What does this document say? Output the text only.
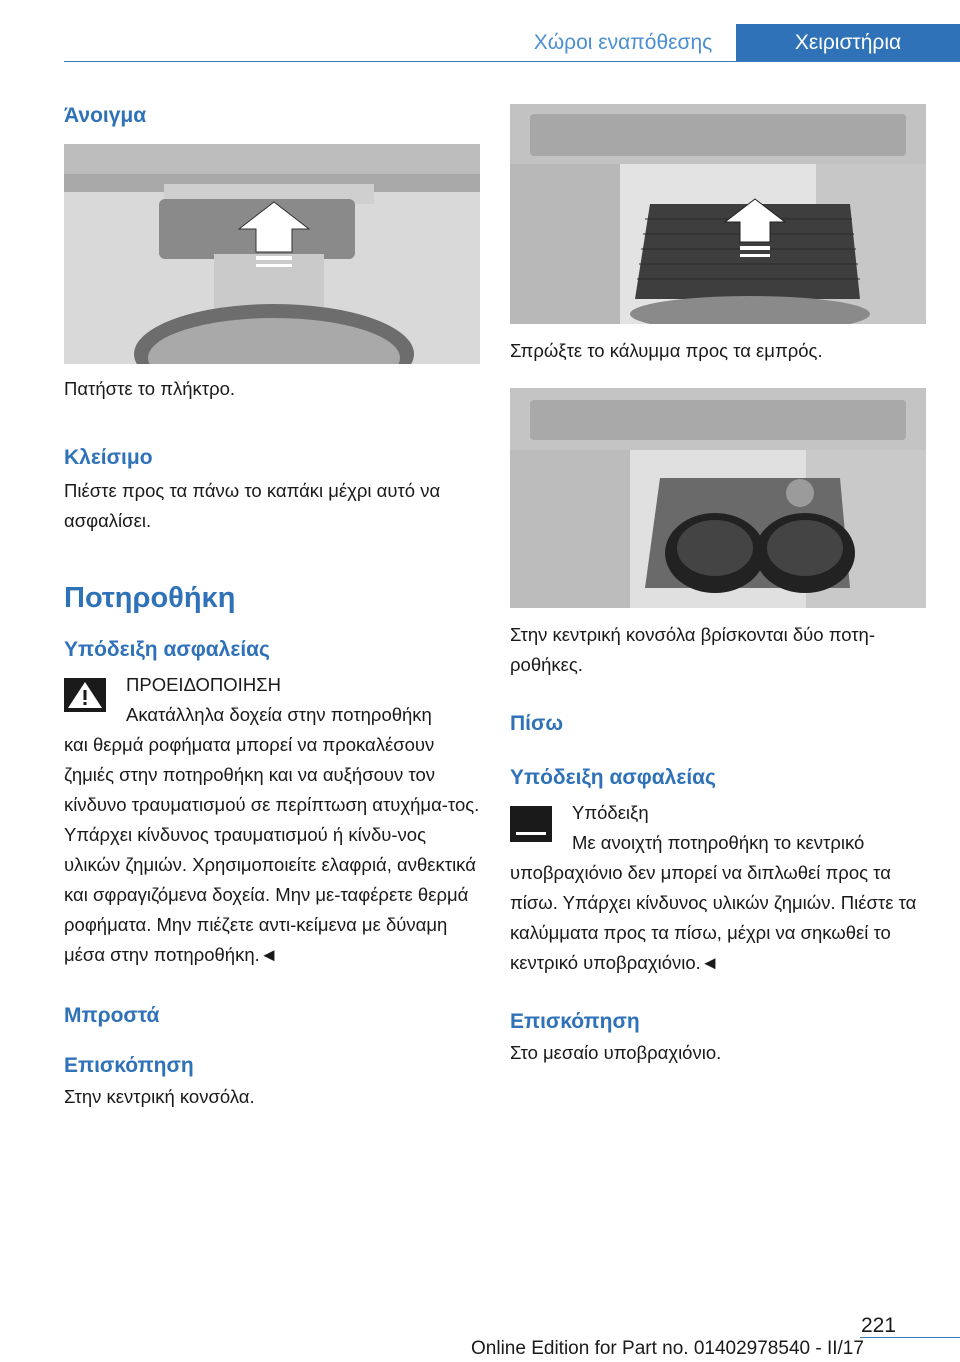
Χώροι εναπόθεσης	Χειριστήρια
Άνοιγμα

Πατήστε το πλήκτρο.

Κλείσιμο

Πιέστε προς τα πάνω το καπάκι μέχρι αυτό να ασφαλίσει.

Ποτηροθήκη
Υπόδειξη ασφαλείας
ΠΡΟΕΙΔΟΠΟΙΗΣΗ
Ακατάλληλα δοχεία στην ποτηροθήκη
και θερμά ροφήματα μπορεί να προκαλέσουν ζημιές στην ποτηροθήκη και να αυξήσουν τον κίνδυνο τραυματισμού σε περίπτωση ατυχήμα-τος. Υπάρχει κίνδυνος τραυματισμού ή κίνδυ-νος υλικών ζημιών. Χρησιμοποιείτε ελαφριά, ανθεκτικά και σφραγιζόμενα δοχεία. Μην με-ταφέρετε θερμά ροφήματα. Μην πιέζετε αντι-κείμενα με δύναμη μέσα στην ποτηροθήκη.◄
Μπροστά
Επισκόπηση

Στην κεντρική κονσόλα.

Σπρώξτε το κάλυμμα προς τα εμπρός.

Στην κεντρική κονσόλα βρίσκονται δύο ποτη-ροθήκες.

Πίσω
Υπόδειξη ασφαλείας
Υπόδειξη
Με ανοιχτή ποτηροθήκη το κεντρικό
υποβραχιόνιο δεν μπορεί να διπλωθεί προς τα πίσω. Υπάρχει κίνδυνος υλικών ζημιών. Πιέστε τα καλύμματα προς τα πίσω, μέχρι να σηκωθεί το κεντρικό υποβραχιόνιο.◄
Επισκόπηση

Στο μεσαίο υποβραχιόνιο.

221
Online Edition for Part no. 01402978540 - II/17
